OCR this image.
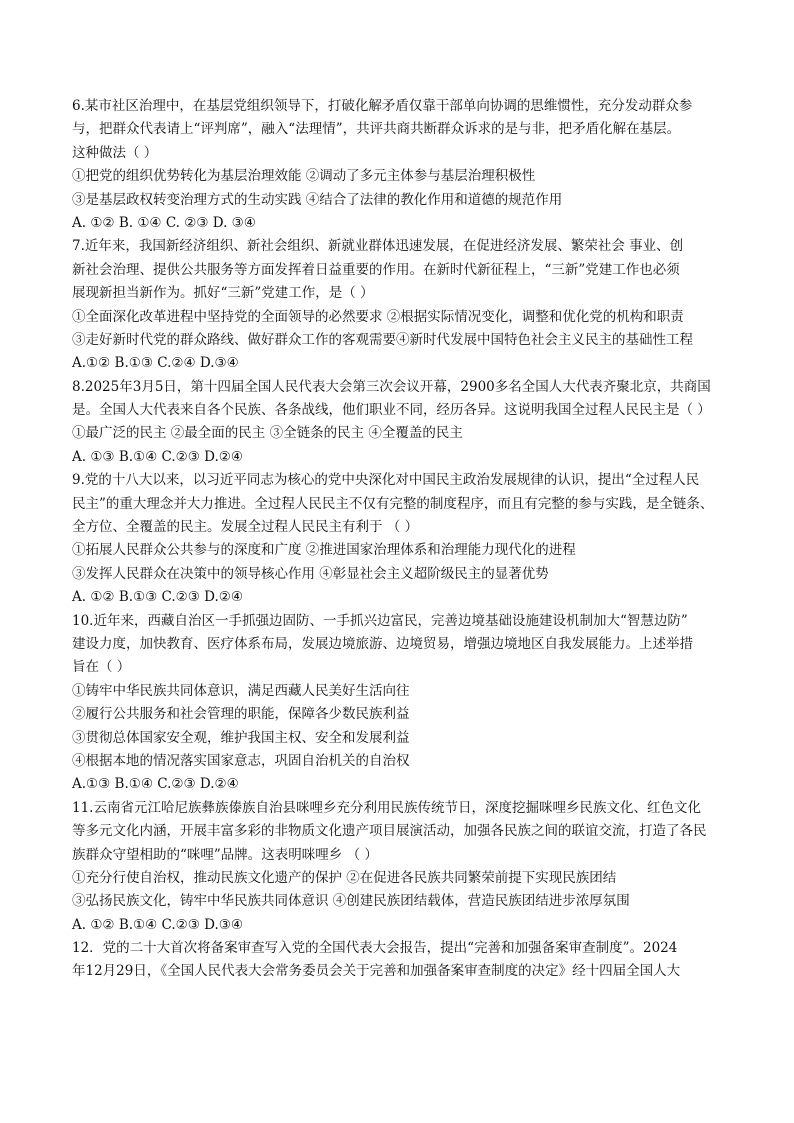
6.某市社区治理中，在基层党组织领导下，打破化解矛盾仅靠干部单向协调的思维惯性，充分发动群众参
与，把群众代表请上“评判席”，融入“法理情”，共评共商共断群众诉求的是与非，把矛盾化解在基层。
这种做法（ ）
①把党的组织优势转化为基层治理效能 ②调动了多元主体参与基层治理积极性
③是基层政权转变治理方式的生动实践 ④结合了法律的教化作用和道德的规范作用
A. ①② B. ①④ C. ②③ D. ③④
7.近年来，我国新经济组织、新社会组织、新就业群体迅速发展，在促进经济发展、繁荣社会 事业、创
新社会治理、提供公共服务等方面发挥着日益重要的作用。在新时代新征程上，“三新”党建工作也必须
展现新担当新作为。抓好“三新”党建工作，是（ ）
①全面深化改革进程中坚持党的全面领导的必然要求 ②根据实际情况变化，调整和优化党的机构和职责
③走好新时代党的群众路线、做好群众工作的客观需要④新时代发展中国特色社会主义民主的基础性工程
A.①② B.①③ C.②④ D.③④
8.2025年3月5日，第十四届全国人民代表大会第三次会议开幕，2900多名全国人大代表齐聚北京，共商国
是。全国人大代表来自各个民族、各条战线，他们职业不同，经历各异。这说明我国全过程人民民主是（ ）
①最广泛的民主 ②最全面的民主 ③全链条的民主 ④全覆盖的民主
A. ①③ B.①④ C.②③ D.②④
9.党的十八大以来，以习近平同志为核心的党中央深化对中国民主政治发展规律的认识，提出“全过程人民
民主”的重大理念并大力推进。全过程人民民主不仅有完整的制度程序，而且有完整的参与实践，是全链条、
全方位、全覆盖的民主。发展全过程人民民主有利于 （ ）
①拓展人民群众公共参与的深度和广度 ②推进国家治理体系和治理能力现代化的进程
③发挥人民群众在决策中的领导核心作用 ④彰显社会主义超阶级民主的显著优势
A. ①② B.①③ C.②③ D.②④
10.近年来，西藏自治区一手抓强边固防、一手抓兴边富民，完善边境基础设施建设机制加大“智慧边防”
建设力度，加快教育、医疗体系布局，发展边境旅游、边境贸易，增强边境地区自我发展能力。上述举措
旨在（ ）
①铸牢中华民族共同体意识，满足西藏人民美好生活向往
②履行公共服务和社会管理的职能，保障各少数民族利益
③贯彻总体国家安全观，维护我国主权、安全和发展利益
④根据本地的情况落实国家意志，巩固自治机关的自治权
A.①③ B.①④ C.②③ D.②④
11.云南省元江哈尼族彝族傣族自治县咪哩乡充分利用民族传统节日，深度挖掘咪哩乡民族文化、红色文化
等多元文化内涵，开展丰富多彩的非物质文化遗产项目展演活动，加强各民族之间的联谊交流，打造了各民
族群众守望相助的“咪哩”品牌。这表明咪哩乡 （ ）
①充分行使自治权，推动民族文化遗产的保护 ②在促进各民族共同繁荣前提下实现民族团结
③弘扬民族文化，铸牢中华民族共同体意识 ④创建民族团结载体，营造民族团结进步浓厚氛围
A. ①② B.①④ C.②③ D.③④
12．党的二十大首次将备案审查写入党的全国代表大会报告，提出“完善和加强备案审查制度”。2024
年12月29日，《全国人民代表大会常务委员会关于完善和加强备案审查制度的决定》经十四届全国人大
